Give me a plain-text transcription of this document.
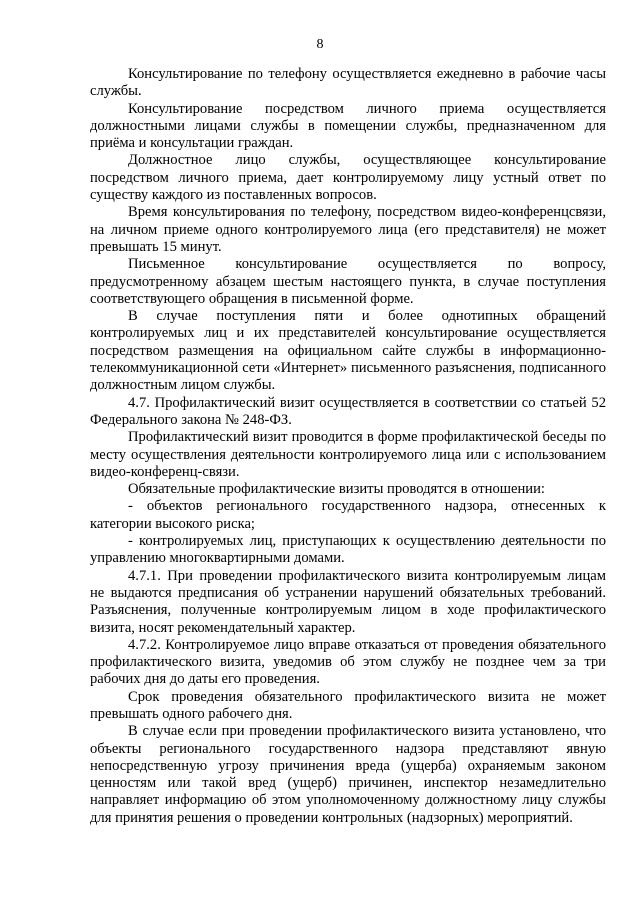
8

Консультирование по телефону осуществляется ежедневно в рабочие часы службы.

Консультирование посредством личного приема осуществляется должностными лицами службы в помещении службы, предназначенном для приёма и консультации граждан.

Должностное лицо службы, осуществляющее консультирование посредством личного приема, дает контролируемому лицу устный ответ по существу каждого из поставленных вопросов.

Время консультирования по телефону, посредством видео-конференцсвязи, на личном приеме одного контролируемого лица (его представителя) не может превышать 15 минут.

Письменное консультирование осуществляется по вопросу, предусмотренному абзацем шестым настоящего пункта, в случае поступления соответствующего обращения в письменной форме.

В случае поступления пяти и более однотипных обращений контролируемых лиц и их представителей консультирование осуществляется посредством размещения на официальном сайте службы в информационно-телекоммуникационной сети «Интернет» письменного разъяснения, подписанного должностным лицом службы.

4.7. Профилактический визит осуществляется в соответствии со статьей 52 Федерального закона № 248-ФЗ.

Профилактический визит проводится в форме профилактической беседы по месту осуществления деятельности контролируемого лица или с использованием видео-конференц-связи.

Обязательные профилактические визиты проводятся в отношении:

- объектов регионального государственного надзора, отнесенных к категории высокого риска;

- контролируемых лиц, приступающих к осуществлению деятельности по управлению многоквартирными домами.

4.7.1. При проведении профилактического визита контролируемым лицам не выдаются предписания об устранении нарушений обязательных требований. Разъяснения, полученные контролируемым лицом в ходе профилактического визита, носят рекомендательный характер.

4.7.2. Контролируемое лицо вправе отказаться от проведения обязательного профилактического визита, уведомив об этом службу не позднее чем за три рабочих дня до даты его проведения.

Срок проведения обязательного профилактического визита не может превышать одного рабочего дня.

В случае если при проведении профилактического визита установлено, что объекты регионального государственного надзора представляют явную непосредственную угрозу причинения вреда (ущерба) охраняемым законом ценностям или такой вред (ущерб) причинен, инспектор незамедлительно направляет информацию об этом уполномоченному должностному лицу службы для принятия решения о проведении контрольных (надзорных) мероприятий.
